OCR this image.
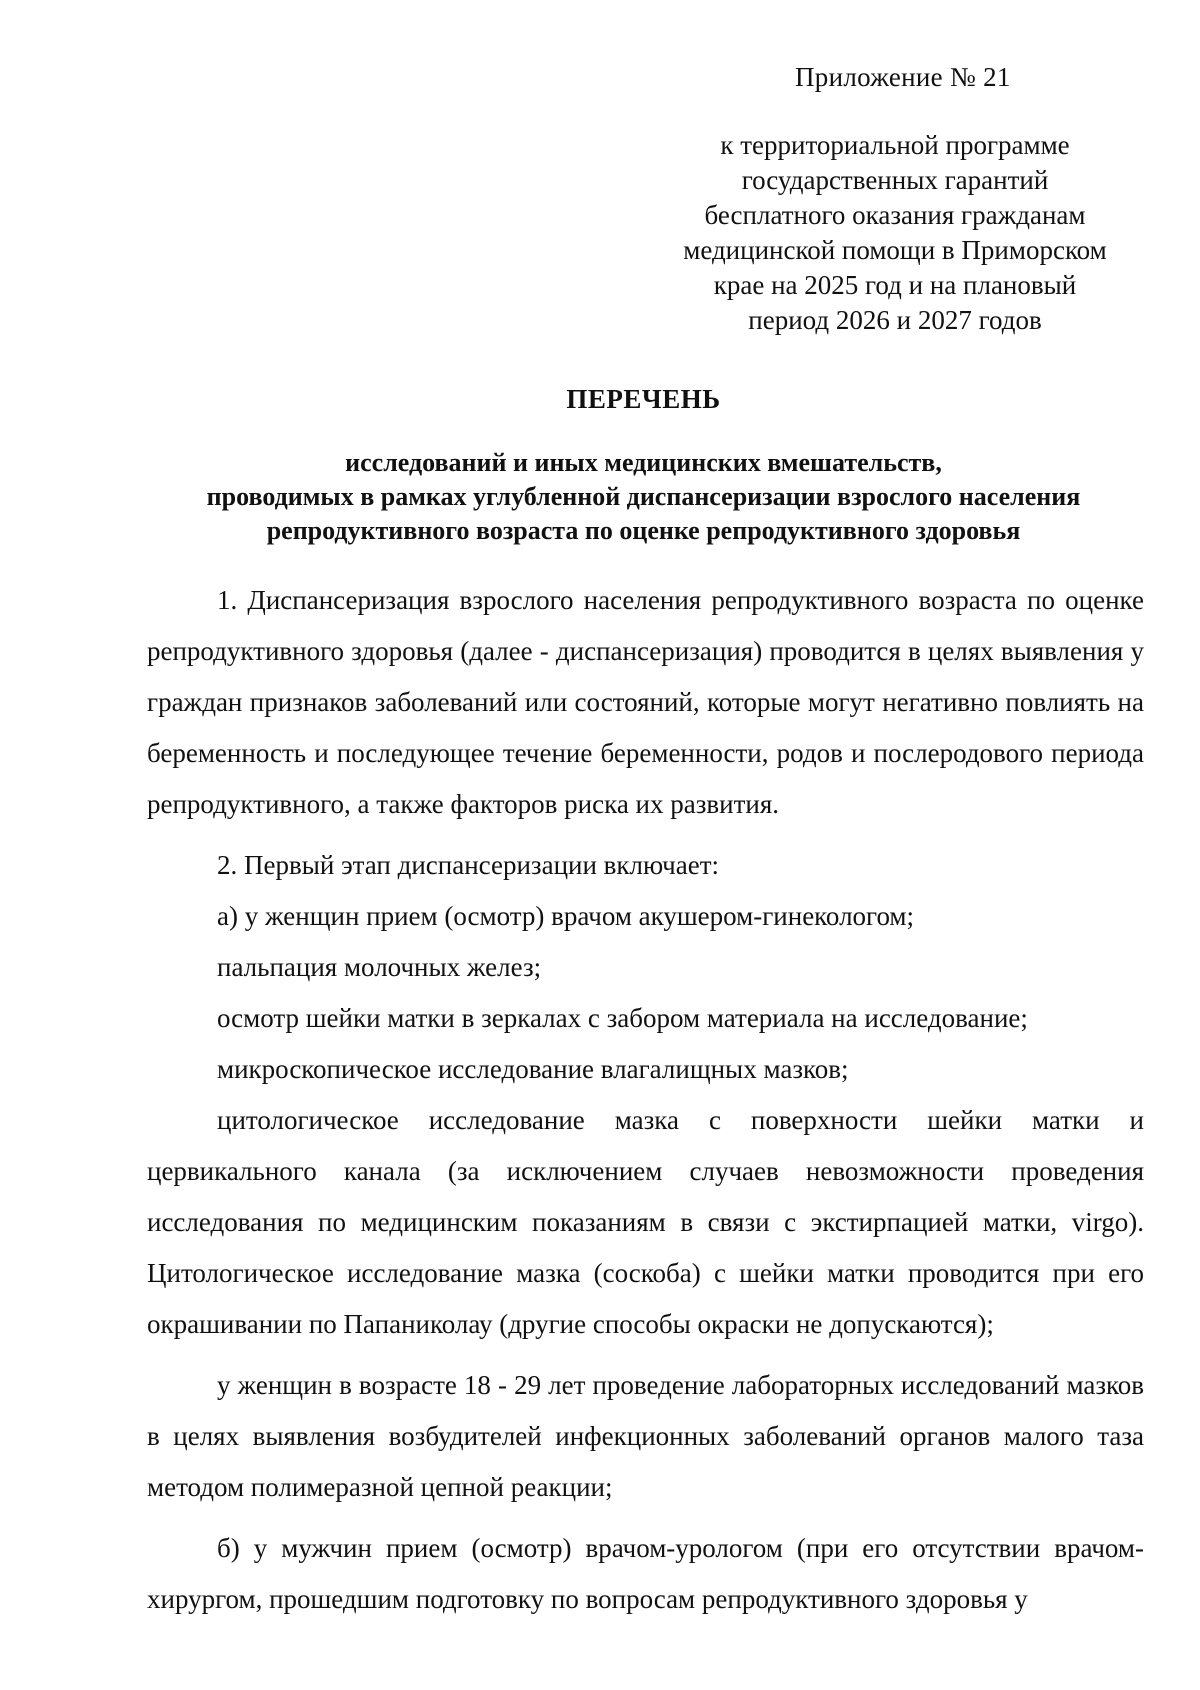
Приложение № 21
к территориальной программе
государственных гарантий
бесплатного оказания гражданам
медицинской помощи в Приморском
крае на 2025 год и на плановый
период 2026 и 2027 годов
ПЕРЕЧЕНЬ
исследований и иных медицинских вмешательств,
проводимых в рамках углубленной диспансеризации взрослого населения
репродуктивного возраста по оценке репродуктивного здоровья

1. Диспансеризация взрослого населения репродуктивного возраста по оценке репродуктивного здоровья (далее - диспансеризация) проводится в целях выявления у граждан признаков заболеваний или состояний, которые могут негативно повлиять на беременность и последующее течение беременности, родов и послеродового периода репродуктивного, а также факторов риска их развития.

2. Первый этап диспансеризации включает:

а) у женщин прием (осмотр) врачом акушером-гинекологом;

пальпация молочных желез;

осмотр шейки матки в зеркалах с забором материала на исследование;

микроскопическое исследование влагалищных мазков;

цитологическое исследование мазка с поверхности шейки матки и цервикального канала (за исключением случаев невозможности проведения исследования по медицинским показаниям в связи с экстирпацией матки, virgo). Цитологическое исследование мазка (соскоба) с шейки матки проводится при его окрашивании по Папаниколау (другие способы окраски не допускаются);

у женщин в возрасте 18 - 29 лет проведение лабораторных исследований мазков в целях выявления возбудителей инфекционных заболеваний органов малого таза методом полимеразной цепной реакции;

б) у мужчин прием (осмотр) врачом-урологом (при его отсутствии врачом-хирургом, прошедшим подготовку по вопросам репродуктивного здоровья у
